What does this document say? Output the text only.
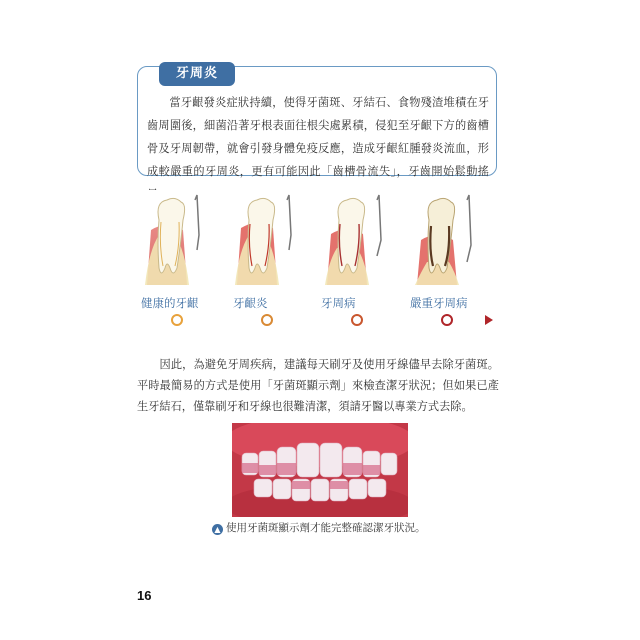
牙周炎
當牙齦發炎症狀持續，使得牙菌斑、牙結石、食物殘渣堆積在牙齒周圍後，細菌沿著牙根表面往根尖處累積，侵犯至牙齦下方的齒槽骨及牙周韌帶，就會引發身體免疫反應，造成牙齦紅腫發炎流血，形成較嚴重的牙周炎，更有可能因此「齒槽骨流失」，牙齒開始鬆動搖
健康的牙齦	牙齦炎	牙周病	嚴重牙周病
因此，為避免牙周疾病，建議每天刷牙及使用牙線儘早去除牙菌斑。平時最簡易的方式是使用「牙菌斑顯示劑」來檢查潔牙狀況；但如果已產生牙結石，僅靠刷牙和牙線也很難清潔，須請牙醫以專業方式去除。
▲ 使用牙菌斑顯示劑才能完整確認潔牙狀況。
16
